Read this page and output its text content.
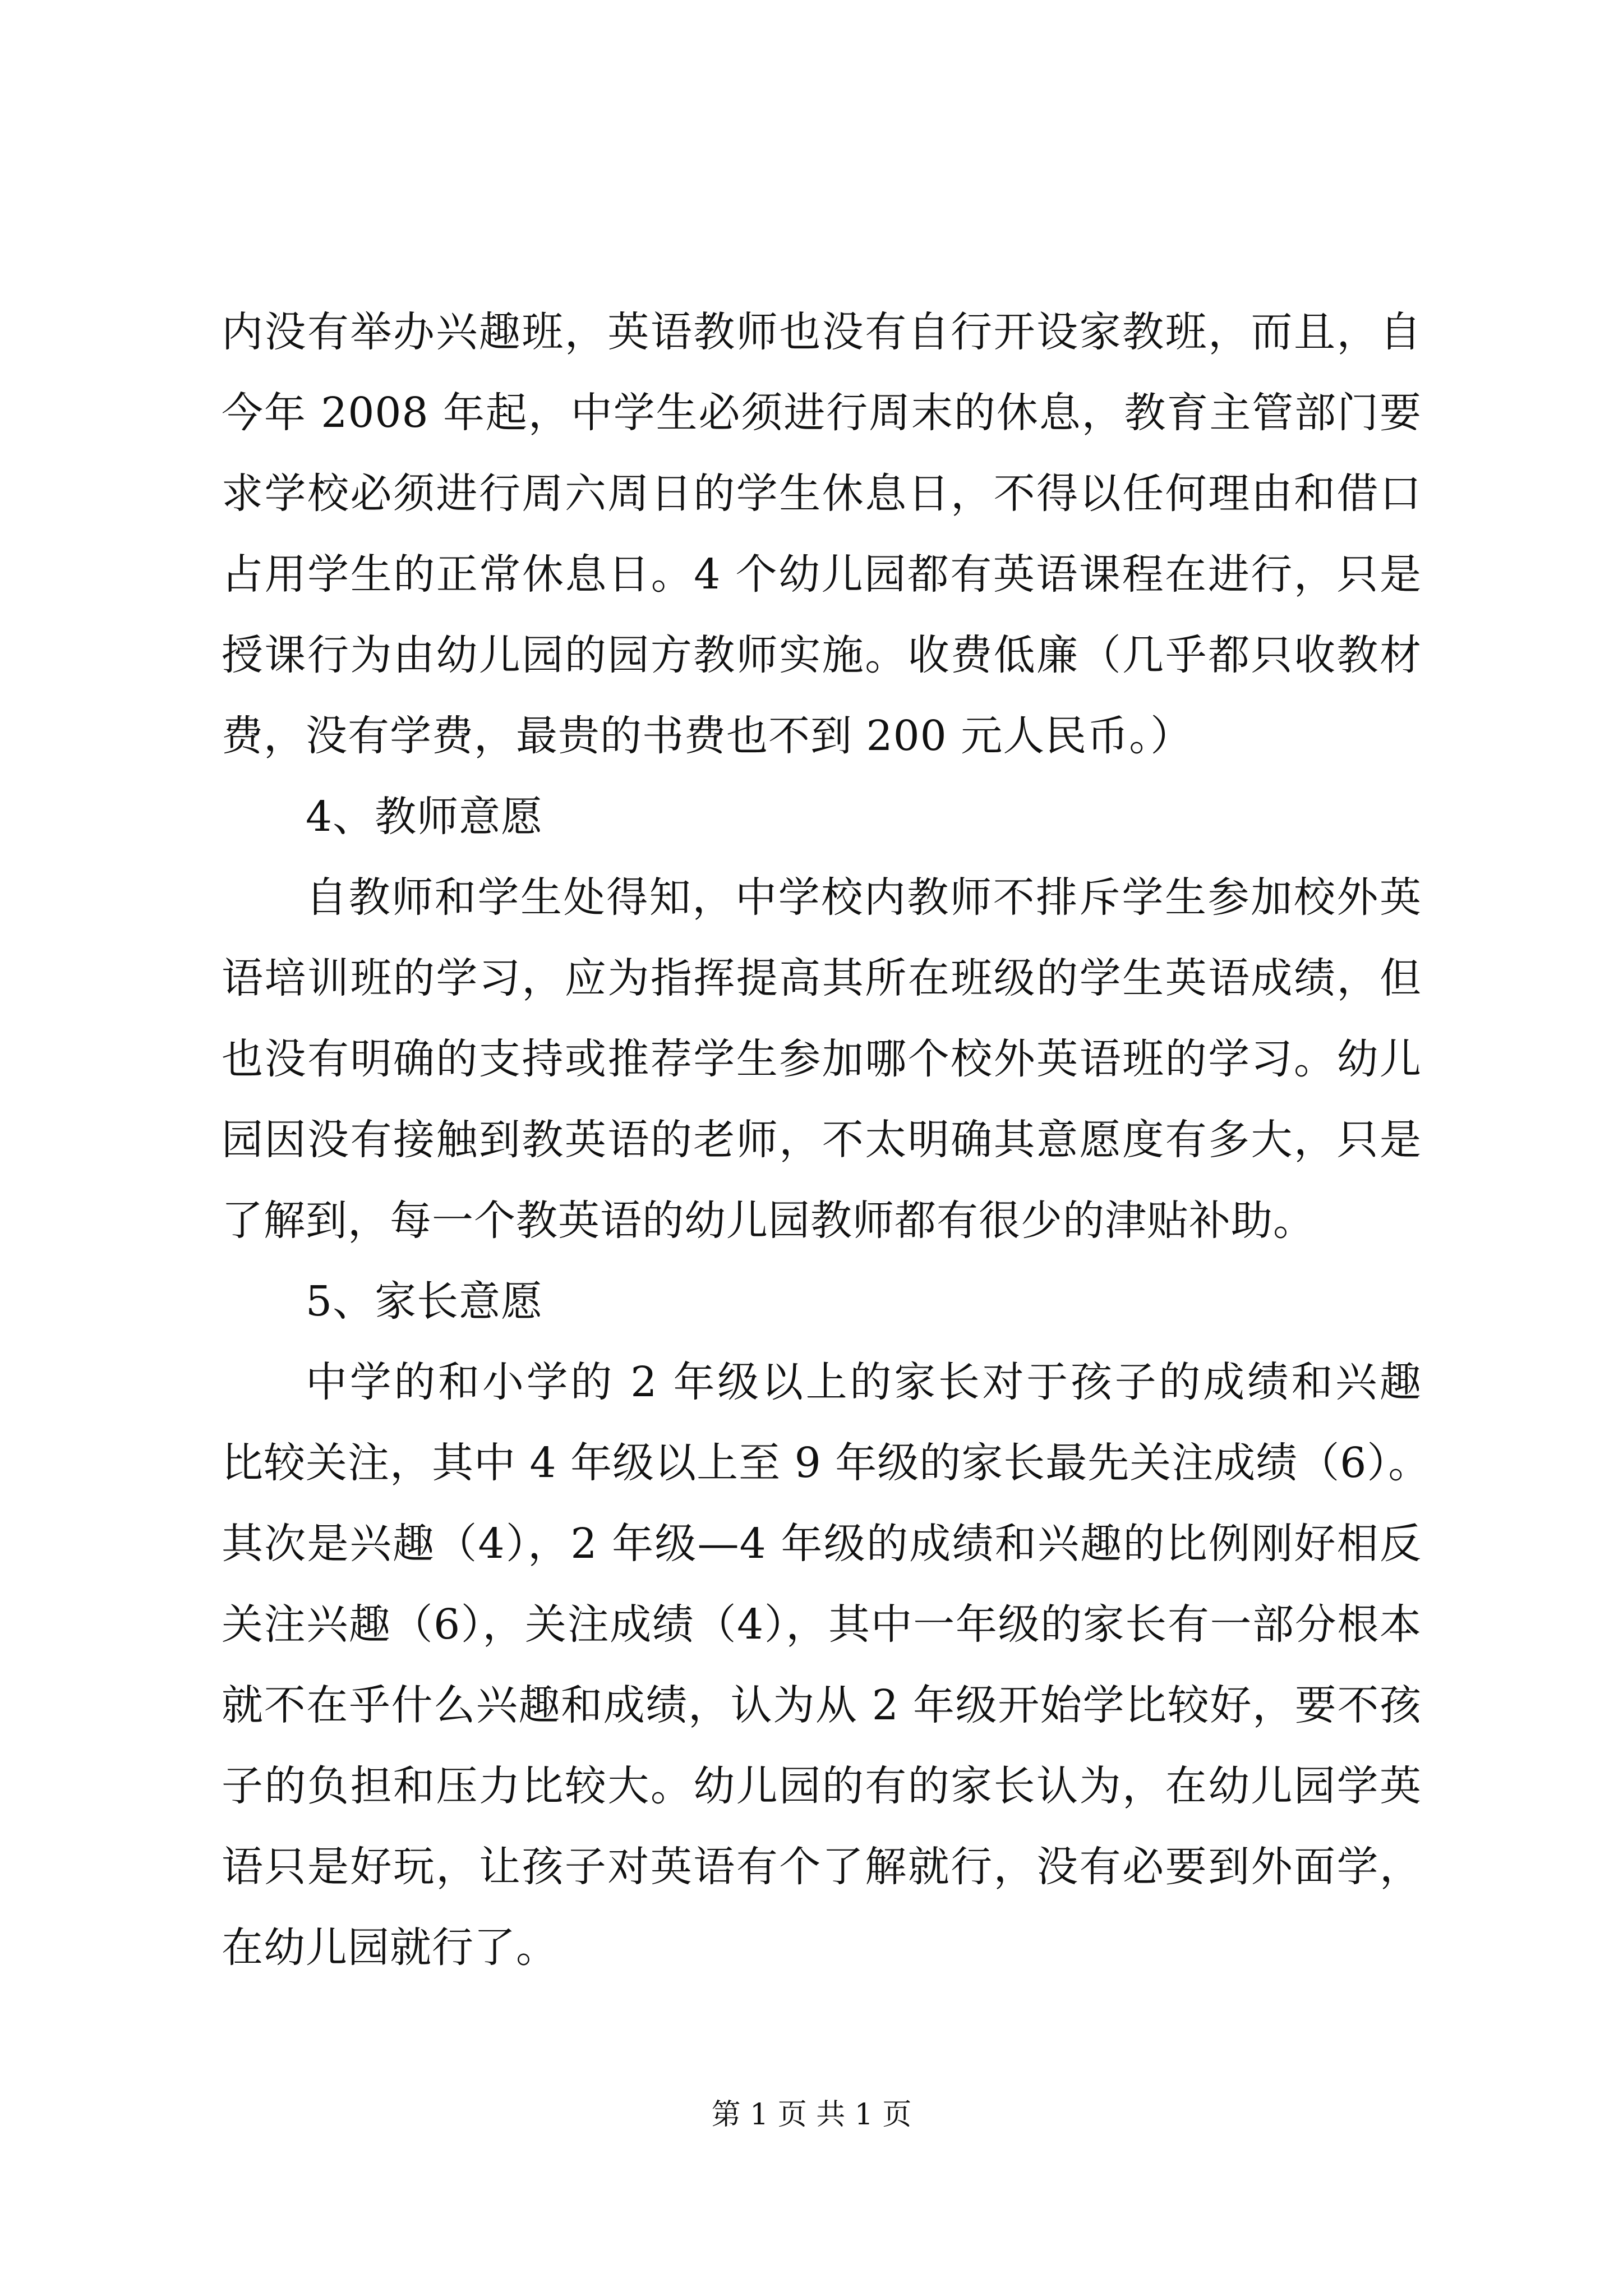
内没有举办兴趣班，英语教师也没有自行开设家教班，而且，自
今年 2008 年起，中学生必须进行周末的休息，教育主管部门要
求学校必须进行周六周日的学生休息日，不得以任何理由和借口
占用学生的正常休息日。4 个幼儿园都有英语课程在进行，只是
授课行为由幼儿园的园方教师实施。收费低廉（几乎都只收教材
费，没有学费，最贵的书费也不到 200 元人民币。）
4、教师意愿
自教师和学生处得知，中学校内教师不排斥学生参加校外英
语培训班的学习，应为指挥提高其所在班级的学生英语成绩，但
也没有明确的支持或推荐学生参加哪个校外英语班的学习。幼儿
园因没有接触到教英语的老师，不太明确其意愿度有多大，只是
了解到，每一个教英语的幼儿园教师都有很少的津贴补助。
5、家长意愿
中学的和小学的 2 年级以上的家长对于孩子的成绩和兴趣
比较关注，其中 4 年级以上至 9 年级的家长最先关注成绩（6）。
其次是兴趣（4），2 年级—4 年级的成绩和兴趣的比例刚好相反
关注兴趣（6），关注成绩（4），其中一年级的家长有一部分根本
就不在乎什么兴趣和成绩，认为从 2 年级开始学比较好，要不孩
子的负担和压力比较大。幼儿园的有的家长认为，在幼儿园学英
语只是好玩，让孩子对英语有个了解就行，没有必要到外面学，
在幼儿园就行了。
第 1 页 共 1 页
